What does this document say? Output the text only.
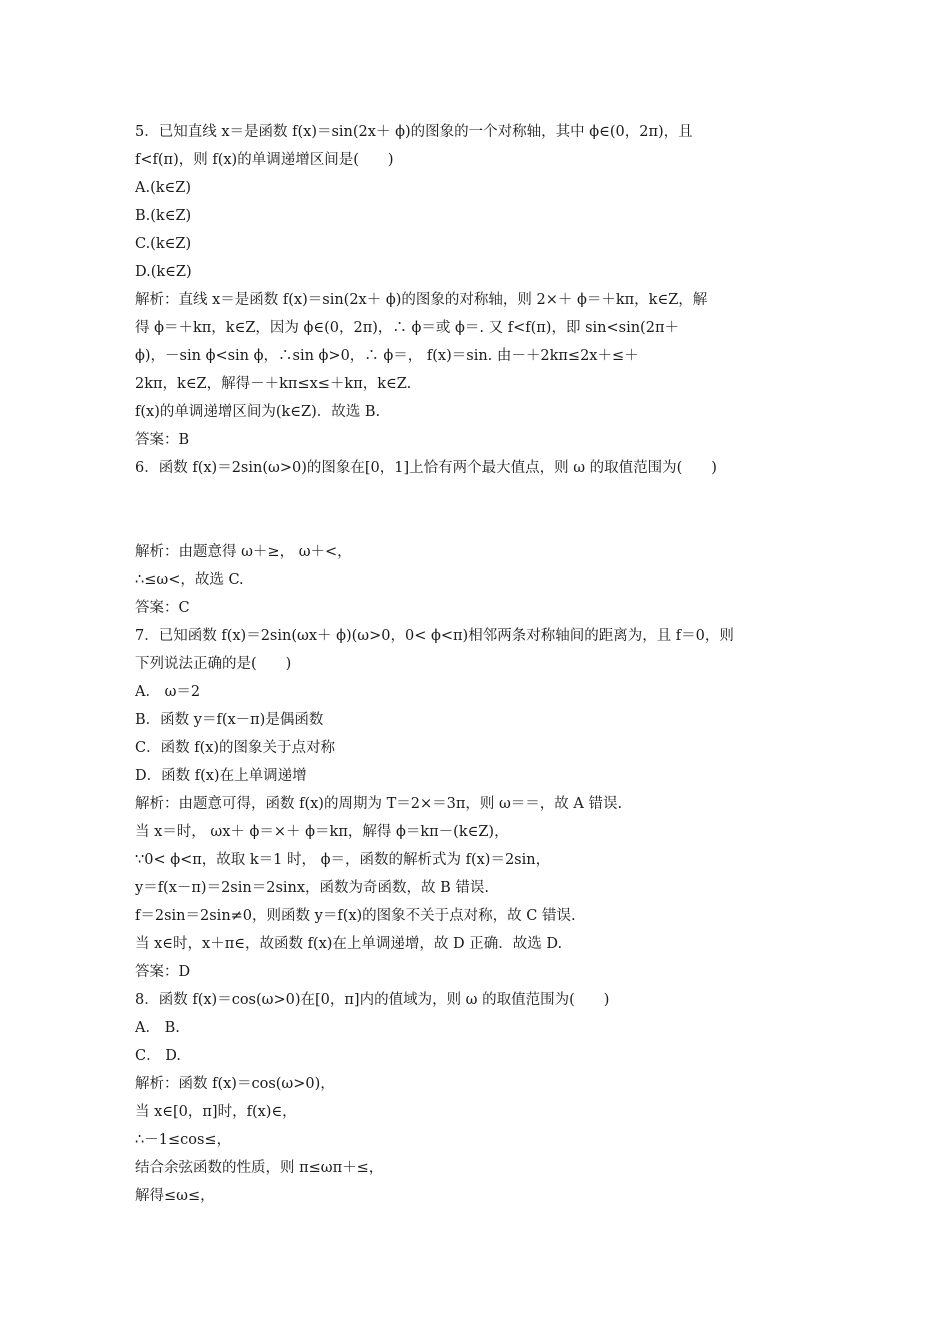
5．已知直线 x＝是函数 f(x)＝sin(2x＋ ϕ)的图象的一个对称轴，其中 ϕ∈(0，2π)，且
f<f(π)，则 f(x)的单调递增区间是(　　)
A.(k∈Z)
B.(k∈Z)
C.(k∈Z)
D.(k∈Z)
解析：直线 x＝是函数 f(x)＝sin(2x＋ ϕ)的图象的对称轴，则 2×＋ ϕ＝＋kπ，k∈Z，解
得 ϕ＝＋kπ，k∈Z，因为 ϕ∈(0，2π)，∴ ϕ＝或 ϕ＝. 又 f<f(π)，即 sin<sin(2π＋
ϕ)，－sin ϕ<sin ϕ，∴sin ϕ>0，∴ ϕ＝， f(x)＝sin. 由－＋2kπ≤2x＋≤＋
2kπ，k∈Z，解得－＋kπ≤x≤＋kπ，k∈Z.
f(x)的单调递增区间为(k∈Z)．故选 B.
答案：B
6．函数 f(x)＝2sin(ω>0)的图象在[0，1]上恰有两个最大值点，则 ω 的取值范围为(　　)

解析：由题意得 ω＋≥， ω＋<，
∴≤ω<，故选 C.
答案：C
7．已知函数 f(x)＝2sin(ωx＋ ϕ)(ω>0，0< ϕ<π)相邻两条对称轴间的距离为，且 f＝0，则
下列说法正确的是(　　)
A． ω＝2
B．函数 y＝f(x－π)是偶函数
C．函数 f(x)的图象关于点对称
D．函数 f(x)在上单调递增
解析：由题意可得，函数 f(x)的周期为 T＝2×＝3π，则 ω＝＝，故 A 错误.
当 x＝时， ωx＋ ϕ＝×＋ ϕ＝kπ，解得 ϕ＝kπ－(k∈Z)，
∵0< ϕ<π，故取 k＝1 时， ϕ＝，函数的解析式为 f(x)＝2sin，
y＝f(x－π)＝2sin＝2sinx，函数为奇函数，故 B 错误.
f＝2sin＝2sin≠0，则函数 y＝f(x)的图象不关于点对称，故 C 错误.
当 x∈时，x＋π∈，故函数 f(x)在上单调递增，故 D 正确．故选 D.
答案：D
8．函数 f(x)＝cos(ω>0)在[0，π]内的值域为，则 ω 的取值范围为(　　)
A． B.
C． D.
解析：函数 f(x)＝cos(ω>0)，
当 x∈[0，π]时，f(x)∈，
∴－1≤cos≤，
结合余弦函数的性质，则 π≤ωπ＋≤，
解得≤ω≤，
